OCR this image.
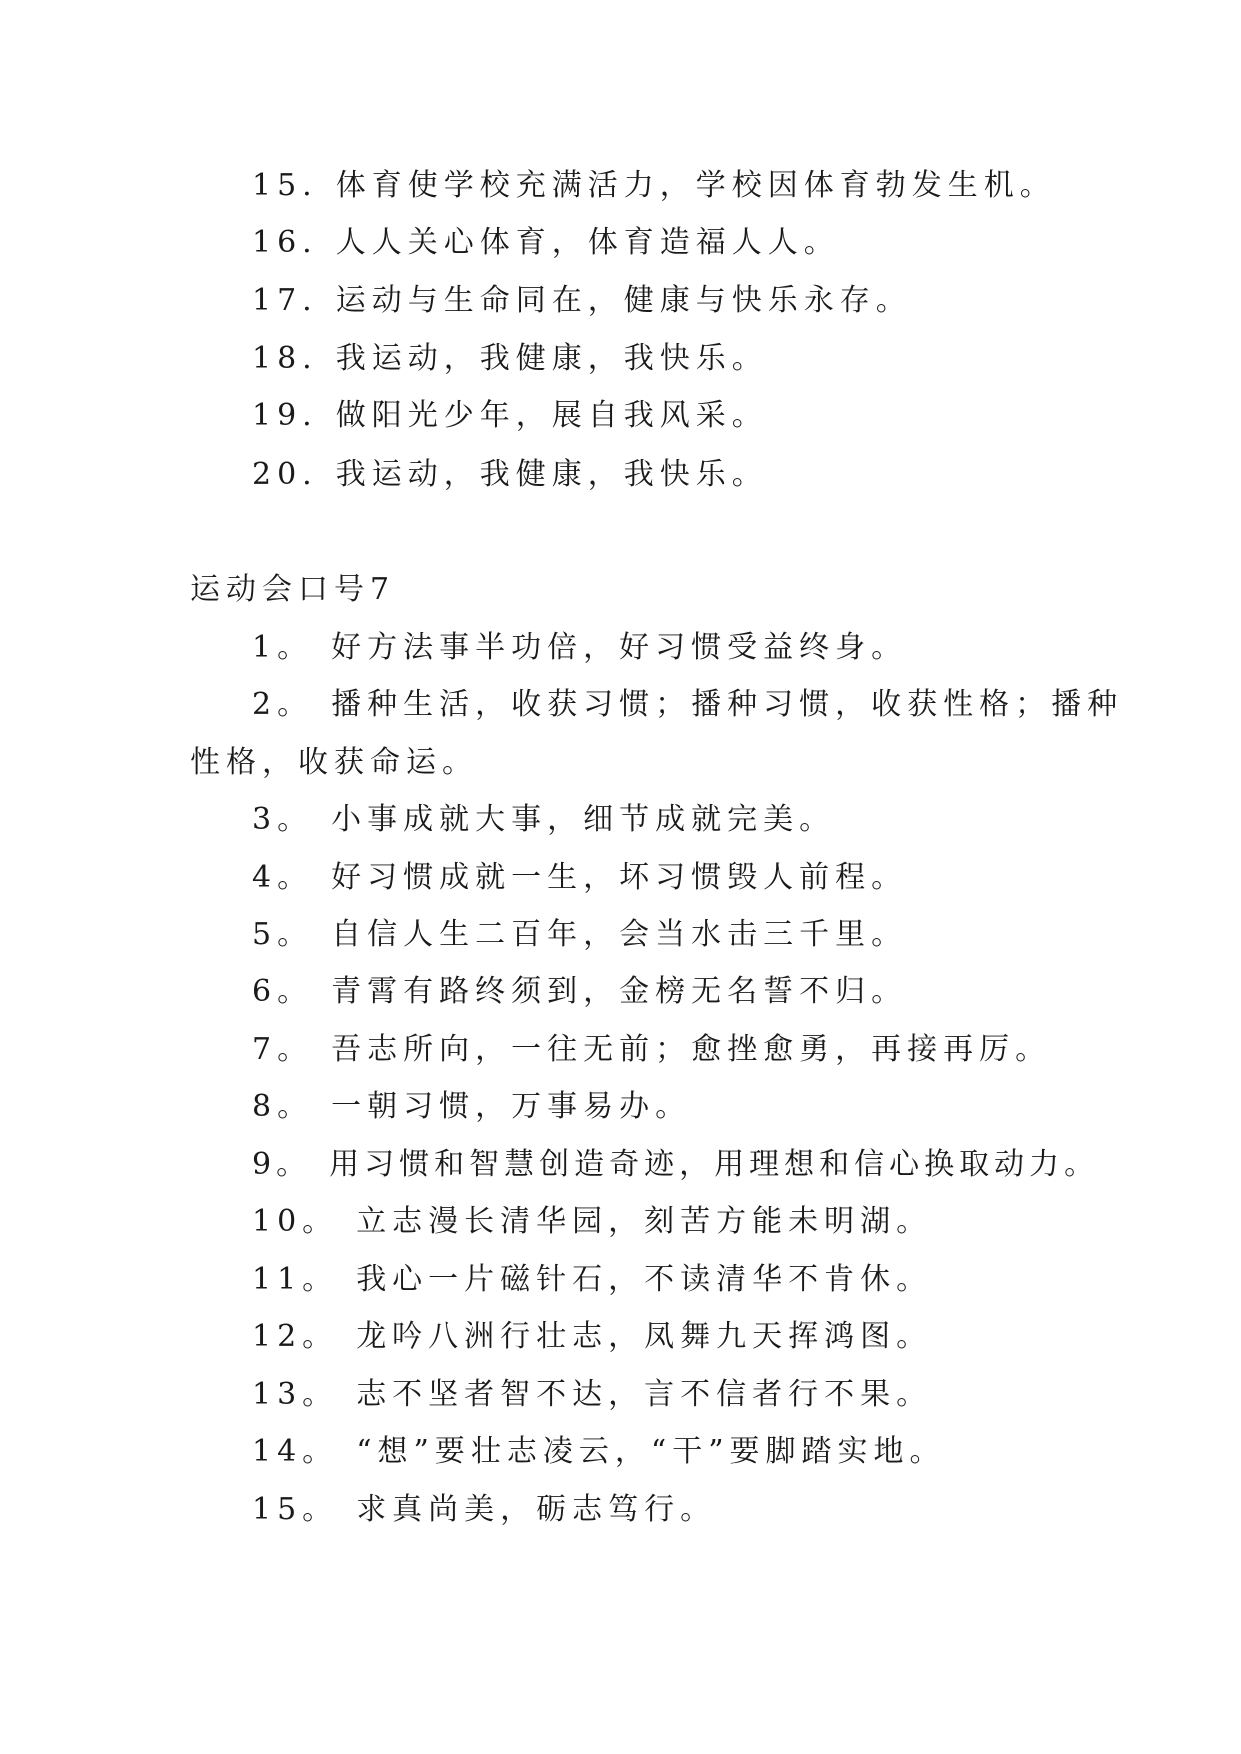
15. 体育使学校充满活力，学校因体育勃发生机。
16. 人人关心体育，体育造福人人。
17. 运动与生命同在，健康与快乐永存。
18. 我运动，我健康，我快乐。
19. 做阳光少年，展自我风采。
20. 我运动，我健康，我快乐。
运动会口号7
1。 好方法事半功倍，好习惯受益终身。
2。 播种生活，收获习惯；播种习惯，收获性格；播种
性格，收获命运。
3。 小事成就大事，细节成就完美。
4。 好习惯成就一生，坏习惯毁人前程。
5。 自信人生二百年，会当水击三千里。
6。 青霄有路终须到，金榜无名誓不归。
7。 吾志所向，一往无前；愈挫愈勇，再接再厉。
8。 一朝习惯，万事易办。
9。 用习惯和智慧创造奇迹，用理想和信心换取动力。
10。 立志漫长清华园，刻苦方能未明湖。
11。 我心一片磁针石，不读清华不肯休。
12。 龙吟八洲行壮志，凤舞九天挥鸿图。
13。 志不坚者智不达，言不信者行不果。
14。 “想”要壮志凌云，“干”要脚踏实地。
15。 求真尚美，砺志笃行。
